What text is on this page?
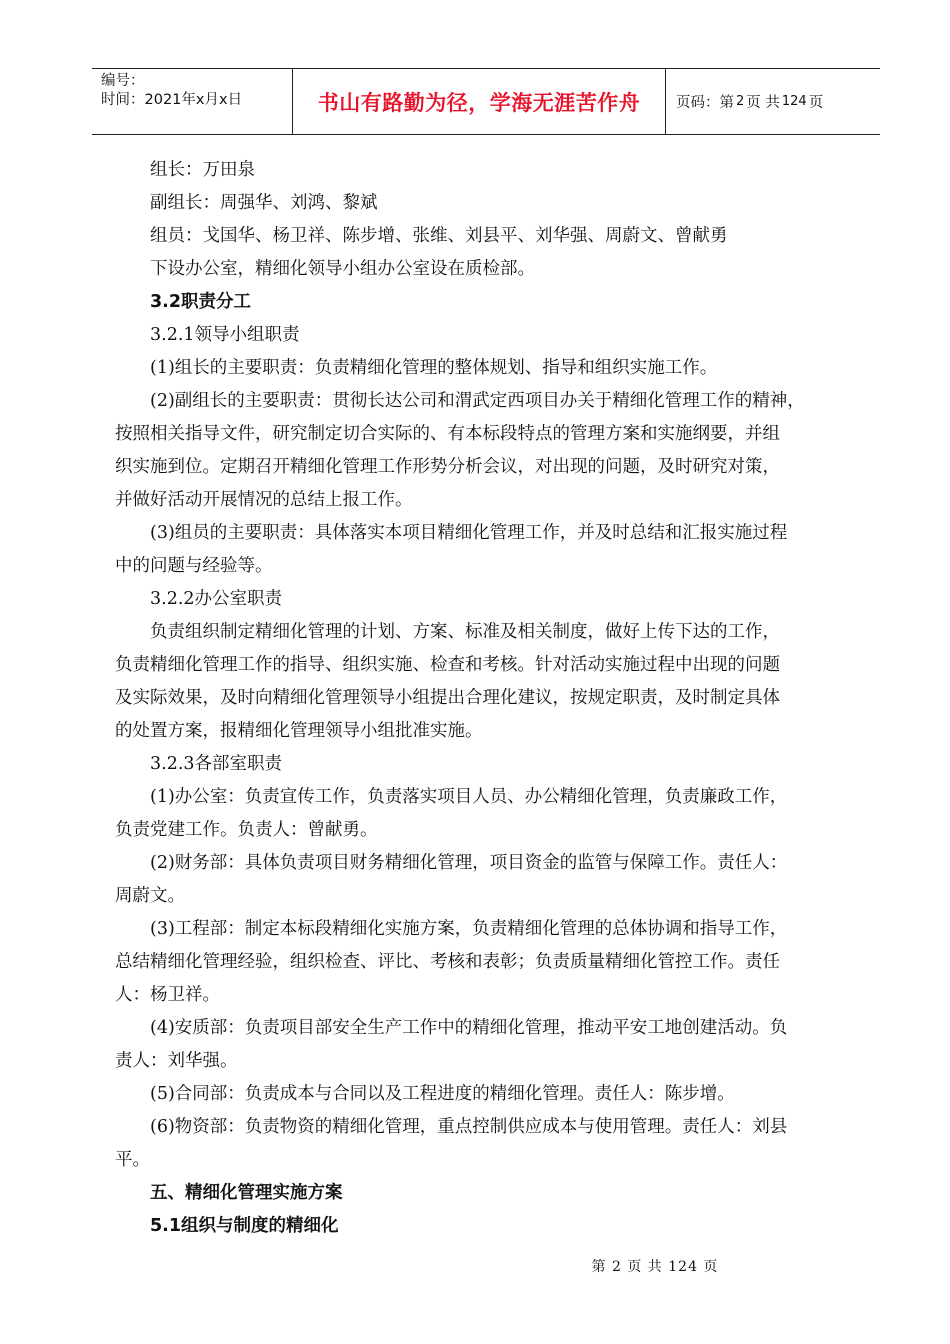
编号：
时间：2021年x月x日	书山有路勤为径，学海无涯苦作舟 页码：第 2 页 共 124 页
组长：万田泉
副组长：周强华、刘鸿、黎斌
组员：戈国华、杨卫祥、陈步增、张维、刘县平、刘华强、周蔚文、曾献勇
下设办公室，精细化领导小组办公室设在质检部。
3.2职责分工
3.2.1领导小组职责
(1)组长的主要职责：负责精细化管理的整体规划、指导和组织实施工作。
(2)副组长的主要职责：贯彻长达公司和渭武定西项目办关于精细化管理工作的精神，
按照相关指导文件，研究制定切合实际的、有本标段特点的管理方案和实施纲要，并组
织实施到位。定期召开精细化管理工作形势分析会议，对出现的问题，及时研究对策，
并做好活动开展情况的总结上报工作。
(3)组员的主要职责：具体落实本项目精细化管理工作，并及时总结和汇报实施过程
中的问题与经验等。
3.2.2办公室职责
负责组织制定精细化管理的计划、方案、标准及相关制度，做好上传下达的工作，
负责精细化管理工作的指导、组织实施、检查和考核。针对活动实施过程中出现的问题
及实际效果，及时向精细化管理领导小组提出合理化建议，按规定职责，及时制定具体
的处置方案，报精细化管理领导小组批准实施。
3.2.3各部室职责
(1)办公室：负责宣传工作，负责落实项目人员、办公精细化管理，负责廉政工作，
负责党建工作。负责人：曾献勇。
(2)财务部：具体负责项目财务精细化管理，项目资金的监管与保障工作。责任人：
周蔚文。
(3)工程部：制定本标段精细化实施方案，负责精细化管理的总体协调和指导工作，
总结精细化管理经验，组织检查、评比、考核和表彰；负责质量精细化管控工作。责任
人：杨卫祥。
(4)安质部：负责项目部安全生产工作中的精细化管理，推动平安工地创建活动。负
责人：刘华强。
(5)合同部：负责成本与合同以及工程进度的精细化管理。责任人：陈步增。
(6)物资部：负责物资的精细化管理，重点控制供应成本与使用管理。责任人：刘县
平。
五、精细化管理实施方案
5.1组织与制度的精细化
第 2 页 共 124 页
